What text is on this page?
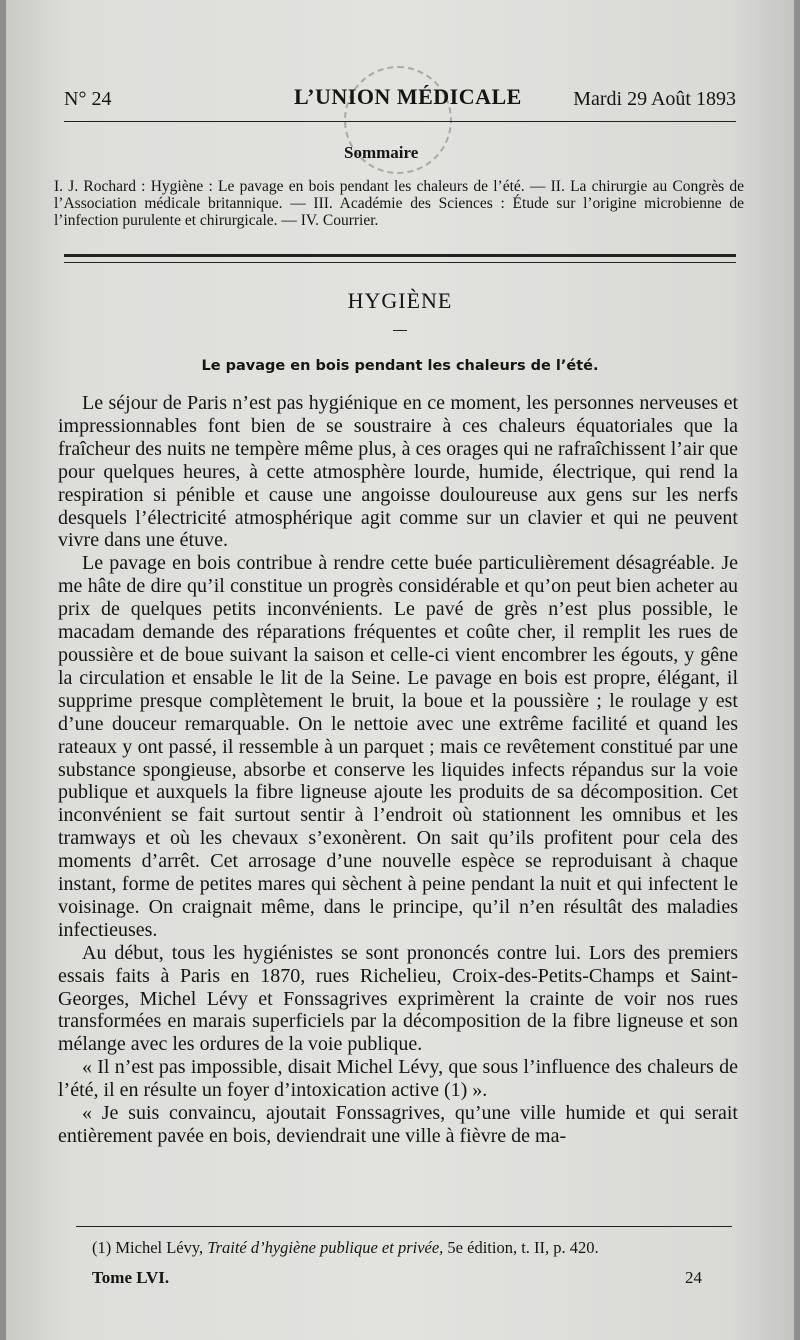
N° 24	L’UNION MÉDICALE	Mardi 29 Août 1893
Sommaire
I. J. Rochard : Hygiène : Le pavage en bois pendant les chaleurs de l’été. — II. La chirurgie au Congrès de l’Association médicale britannique. — III. Académie des Sciences : Étude sur l’origine microbienne de l’infection purulente et chirurgicale. — IV. Courrier.
HYGIÈNE
Le pavage en bois pendant les chaleurs de l’été.

Le séjour de Paris n’est pas hygiénique en ce moment, les personnes nerveuses et impressionnables font bien de se soustraire à ces chaleurs équatoriales que la fraîcheur des nuits ne tempère même plus, à ces orages qui ne rafraîchissent l’air que pour quelques heures, à cette atmosphère lourde, humide, électrique, qui rend la respiration si pénible et cause une angoisse douloureuse aux gens sur les nerfs desquels l’électricité atmosphérique agit comme sur un clavier et qui ne peuvent vivre dans une étuve.

Le pavage en bois contribue à rendre cette buée particulièrement désagréable. Je me hâte de dire qu’il constitue un progrès considérable et qu’on peut bien acheter au prix de quelques petits inconvénients. Le pavé de grès n’est plus possible, le macadam demande des réparations fréquentes et coûte cher, il remplit les rues de poussière et de boue suivant la saison et celle-ci vient encombrer les égouts, y gêne la circulation et ensable le lit de la Seine. Le pavage en bois est propre, élégant, il supprime presque complètement le bruit, la boue et la poussière ; le roulage y est d’une douceur remarquable. On le nettoie avec une extrême facilité et quand les rateaux y ont passé, il ressemble à un parquet ; mais ce revêtement constitué par une substance spongieuse, absorbe et conserve les liquides infects répandus sur la voie publique et auxquels la fibre ligneuse ajoute les produits de sa décomposition. Cet inconvénient se fait surtout sentir à l’endroit où stationnent les omnibus et les tramways et où les chevaux s’exonèrent. On sait qu’ils profitent pour cela des moments d’arrêt. Cet arrosage d’une nouvelle espèce se reproduisant à chaque instant, forme de petites mares qui sèchent à peine pendant la nuit et qui infectent le voisinage. On craignait même, dans le principe, qu’il n’en résultât des maladies infectieuses.

Au début, tous les hygiénistes se sont prononcés contre lui. Lors des premiers essais faits à Paris en 1870, rues Richelieu, Croix-des-Petits-Champs et Saint-Georges, Michel Lévy et Fonssagrives exprimèrent la crainte de voir nos rues transformées en marais superficiels par la décomposition de la fibre ligneuse et son mélange avec les ordures de la voie publique.

« Il n’est pas impossible, disait Michel Lévy, que sous l’influence des chaleurs de l’été, il en résulte un foyer d’intoxication active (1) ».

« Je suis convaincu, ajoutait Fonssagrives, qu’une ville humide et qui serait entièrement pavée en bois, deviendrait une ville à fièvre de ma-

(1) Michel Lévy, Traité d’hygiène publique et privée, 5e édition, t. II, p. 420.
Tome LVI.	24
